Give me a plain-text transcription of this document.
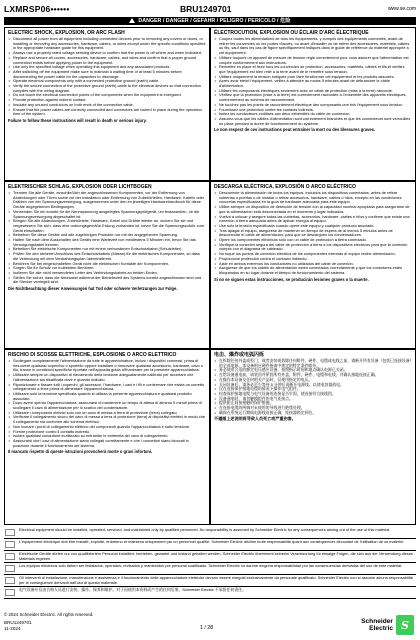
LXMRSP06••••••	BRU1249701	www.se.com
DANGER / DANGER / GEFAHR / PELIGRO / PERICOLO / 危险
ELECTRIC SHOCK, EXPLOSION, OR ARC FLASH
• Disconnect all power from all equipment including connected devices prior to removing any covers or doors, or installing or removing any accessories, hardware, cables, or wires except under the specific conditions specified in the appropriate hardware guide for this equipment.
• Always use a properly rated voltage sensing device to confirm that the power is off where and when indicated.
• Replace and secure all covers, accessories, hardware, cables, and wires and confirm that a proper ground connection exists before applying power to the equipment.
• Use only the specified voltage when operating this equipment and any associated products.
• After switching off the equipment make sure to maintain a waiting time of at least 5 minutes before disconnecting the power cable for the capacitors to discharge.
• Operate electrical components only with a connected protective ground (earth) cable.
• Verify the secure connection of the protective ground (earth) cable to the electrical devices so that connection complies with the wiring diagram.
• Do not touch the electrical connection points of the components when the equipment is energized.
• Provide protection against indirect contact.
• Insulate any unused conductors on both ends of the connection cable.
• Ensure that the power cables are correctly connected and connectors are locked in place during the operation time of the system.
Failure to follow these instructions will result in death or serious injury.
ÉLECTROCUTION, EXPLOSION OU ÉCLAIR D'ARC ÉLECTRIQUE
• Coupez toutes les alimentations de tous les équipements, y compris des équipements connectés, avant de retirer les couvercles ou les portes d'accès, ou avant d'installer ou de retirer des accessoires, matériels, câbles ou fils, sauf dans les cas de figure spécifiquement indiqués dans le guide de référence du matériel approprié à cet équipement.
• Utilisez toujours un appareil de mesure de tension réglé correctement pour vous assurer que l'alimentation est coupée conformément aux instructions.
• Remettez en place et fixez tous les couvercles de protection, accessoires, matériels, câbles et fils et vérifiez que l'équipement est bien relié à la terre avant de le remettre sous tension.
• Utilisez uniquement la tension indiquée pour faire fonctionner cet équipement et les produits associés.
• Après avoir éteint l'équipement, veillez à attendre au moins 5 minutes avant de débrancher le câble d'alimentation.
• Utilisez les composants électriques seulement avec un câble de protection (mise à la terre) raccordé.
• Vérifiez que la protection (mise à la terre) est correctement raccordée à l'ensemble des appareils électriques, conformément au schéma de raccordement.
• Ne touchez pas les points de raccordement électrique des composants une fois l'équipement sous tension.
• Fournissez une protection contre les contacts indirects.
• Isolez les conducteurs inutilisés aux deux extrémités du câble de connexion.
• Assurez-vous que les câbles d'alimentation sont correctement branchés et que les connecteurs sont verrouillés en place pendant la durée de fonctionnement du système.
Le non-respect de ces instructions peut entraîner la mort ou des blessures graves.
ELEKTRISCHER SCHLAG, EXPLOSION ODER LICHTBOGEN
• Trennen Sie alle Geräte, einschließlich der angeschlossenen Komponenten, vor der Entfernung von Abdeckungen oder Türen sowie vor der Installation oder Entfernung von Zubehörteilen, Hardware, Kabeln oder Drähten von der Spannungsversorgung, ausgenommen unter den im jeweiligen Hardwarehandbuch für diese Geräte angegebenen Bedingungen.
• Verwenden Sie ein korrekt für die Nennspannung ausgelegtes Spannungsprüfgerät, um festzustellen, ob die Spannungsversorgung abgeschaltet ist.
• Bringen Sie alle Abdeckungen, Zubehörteile, Hardware, Kabel und Drähte wieder an, sichern Sie sie und vergewissern Sie sich, dass eine ordnungsgemäße Erdung vorhanden ist, bevor Sie die Spannungszufuhr zum Gerät einschalten.
• Betreiben Sie diese Geräte und alle zugehörigen Produkte nur mit der angegebenen Spannung.
• Halten Sie nach dem Ausschalten des Geräts eine Wartezeit von mindestens 5 Minuten ein, bevor Sie das Versorgungskabel trennen.
• Betreiben Sie elektrische Komponenten nur mit einem verbundenen Erdschutzkabel (Schutzleiter).
• Prüfen Sie den sicheren Anschluss des Erdschutzkabels (Masse) für die elektrischen Komponenten, so dass die Verbindung mit dem Verdrahtungsplan übereinstimmt.
• Berühren Sie bei eingeschaltetem Gerät nicht die elektrischen Kontakte der Komponenten.
• Sorgen Sie für Schutz vor indirektem Berühren.
• Isolieren Sie alle nicht verwendeten Leiter des Verbindungskabels an beiden Enden.
• Stellen Sie sicher, dass die Netzkabel während der Betriebszeit des Systems korrekt angeschlossen sind und die Stecker verriegelt sind.
Die Nichtbeachtung dieser Anweisungen hat Tod oder schwere Verletzungen zur Folge.
DESCARGA ELÉCTRICA, EXPLOSIÓN O ARCO ELÉCTRICO
• Desconecte la alimentación de todos los equipos, incluidos los dispositivos conectados, antes de retirar cubiertas o puertas o de instalar o retirar accesorios, hardware, cables o hilos, excepto en las condiciones concretas especificadas en la guía de hardware adecuada para este equipo.
• Utilice siempre un dispositivo de detección de tensión con la capacidad nominal apropiada para asegurarse de que la alimentación está desconectada en el momento y lugar indicados.
• Vuelva a colocar y asegure todas las cubiertas, accesorios, hardware, cables e hilos y confirme que existe una conexión a tierra adecuada antes de aplicar energía al equipo.
• Use sólo la tensión especificada cuando opere este equipo y cualquier producto asociado.
• Tras apagar el equipo, asegúrese de mantener un tiempo de espera de al menos 5 minutos antes de desconectar el cable de alimentación, para que se descarguen los condensadores.
• Opere los componentes eléctricos solo con un cable de protección a tierra conectado.
• Verifique la conexión segura del cable de protección a tierra a los dispositivos eléctricos para que la conexión cumpla con el diagrama de cableado.
• No toque los puntos de conexión eléctrica de los componentes mientras el equipo recibe alimentación.
• Proporcione protección contra el contacto indirecto.
• Aísle en ambos extremos los conductores no utilizados del cable de conexión.
• Asegúrese de que los cables de alimentación estén conectados correctamente y que los conectores estén bloqueados en su lugar durante el tiempo de funcionamiento del sistema.
Si no se siguen estas instrucciones, se producirán lesiones graves o la muerte.
RISCHIO DI SCOSSE ELETTRICHE, ESPLOSIONE O ARCO ELETTRICO
• Scollegare completamente l'alimentazione da tutte le apparecchiature, inclusi i dispositivi connessi, prima di rimuovere qualsiasi coperchio o sportello oppure installare o rimuovere qualsiasi accessorio, hardware, cavo o filo, tranne in condizioni specifiche riportate nell'apposita guida all'hardware per la presente apparecchiatura.
• Utilizzare sempre un dispositivo di rilevamento della tensione adeguatamente calibrato per accertare che l'alimentazione sia disattivata dove e quando indicato.
• Riposizionare e fissare tutti i coperchi, gli accessori, l'hardware, i cavi e i fili e confermare che esista un corretto collegamento a terra prima di alimentare l'apparecchiatura.
• Utilizzare solo la tensione specificata quando si utilizza la presente apparecchiatura e qualsiasi prodotto associato.
• Dopo avere spento l'apparecchiatura, assicurarsi di mantenere un tempo di attesa di almeno 5 minuti prima di scollegare il cavo di alimentazione per lo scarico del condensatore.
• Utilizzare i componenti elettrici solo con un cavo di messa a terra di protezione (terra) collegato.
• Verificare il collegamento sicuro del cavo di messa a terra di protezione (terra) ai dispositivi elettrici in modo che il collegamento sia conforme allo schema elettrico.
• Non toccare i punti di collegamento elettrico dei componenti quando l'apparecchiatura è sotto tensione.
• Fornire protezione contro il contatto indiretto.
• Isolare qualsiasi conduttore inutilizzato su entrambe le estremità del cavo di collegamento.
• Assicurarsi che i cavi di alimentazione siano collegati correttamente e che i connettori siano bloccati in posizione durante il funzionamento del sistema.
Il mancato rispetto di queste istruzioni provocherà morte o gravi infortuni.
电击、爆炸或电弧闪烁
• 在拆除任何外盖或柜门，或者安装或拆除任何附件、硬件、电缆或电线之前，请断开所有设备（包括已连接设备）的全部电源，本设备相应硬件指南中规定的特定条件除外。
• 务必使用合适的额定电压感应设备，按照指示时间和地点确认电源已关闭。
• 在给设备通电前，请装回并紧固所有外盖、附件、硬件、电缆和电线，并确认接地连接正确。
• 在操作本设备及任何相关产品时，仅使用指定的电压。
• 关闭设备后，请务必至少等待 5 分钟后再断开电源线，以使电容器放电。
• 仅在连接保护接地电缆的情况下操作电气组件。
• 检查保护接地电缆与电气设备的连接是否牢固，使连接符合接线图。
• 设备通电时，请勿触摸组件的电气连接点。
• 提供防止间接接触的保护措施。
• 在连接电缆的两端对未使用的导线进行绝缘处理。
• 确保在系统运行期间电源线连接正确，连接器锁定到位。
不遵循上述说明将导致人员死亡或严重伤害。
Electrical equipment should be installed, operated, serviced, and maintained only by qualified personnel. No responsibility is assumed by Schneider Electric for any consequences arising out of the use of this material.
L'équipement électrique doit être installé, exploité, entretenu et maintenu uniquement par un personnel qualifié. Schneider Electric décline toute responsabilité quant aux conséquences découlant de l'utilisation de ce matériel.
Elektrische Geräte dürfen nur von qualifiziertem Personal installiert, betrieben, gewartet und instand gehalten werden. Schneider Electric übernimmt keinerlei Verantwortung für etwaige Folgen, die sich aus der Verwendung dieses Materials ergeben.
Los equipos eléctricos solo deben ser instalados, operados, revisados y mantenidos por personal cualificado. Schneider Electric no asume ninguna responsabilidad por las consecuencias derivadas del uso de este material.
Gli interventi di installazione, manutenzione e assistenza e il funzionamento delle apparecchiature elettriche devono essere eseguiti esclusivamente da personale qualificato. Schneider Electric non si assume alcuna responsabilità per le conseguenze derivanti dall'uso di questo materiale.
电气设备应仅由合格人员进行安装、操作、保养和维护。对于因使用本资料而产生的任何后果，Schneider Electric 不承担任何责任。
© 2024 Schneider Electric. All rights reserved.
BRU1249701
11-2024	1 / 28
Schneider
Electric S
